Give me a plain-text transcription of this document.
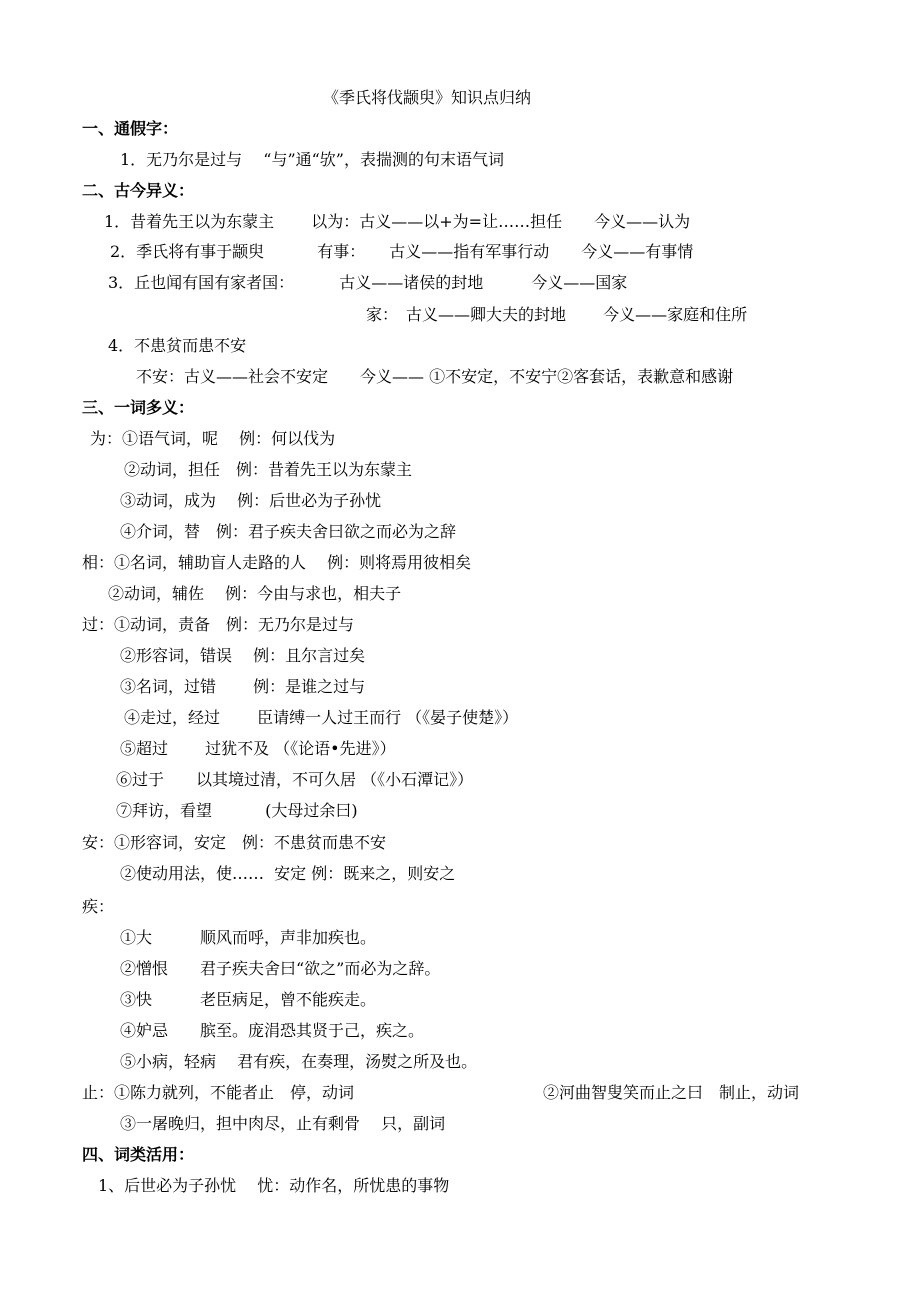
《季氏将伐颛臾》知识点归纳
一、通假字：
1．无乃尔是过与　 “与”通“欤”，表揣测的句末语气词
二、古今异义：
1．昔着先王以为东蒙主　　 以为：古义——以+为=让……担任　　今义——认为
2．季氏将有事于颛臾　　　 有事：　　古义——指有军事行动　　今义——有事情
3．丘也闻有国有家者国：　　　 古义——诸侯的封地　　　今义——国家
家：　古义——卿大夫的封地　　 今义——家庭和住所
4．不患贫而患不安
不安：古义——社会不安定　　今义—— ①不安定，不安宁②客套话，表歉意和感谢
三、一词多义：
为：①语气词，呢　 例：何以伐为
②动词，担任　例：昔着先王以为东蒙主
③动词，成为　 例：后世必为子孙忧
④介词，替　例：君子疾夫舍曰欲之而必为之辞
相：①名词，辅助盲人走路的人　 例：则将焉用彼相矣
②动词，辅佐　 例：今由与求也，相夫子
过：①动词，责备　例：无乃尔是过与
②形容词，错误　 例：且尔言过矣
③名词，过错　　 例：是谁之过与
④走过，经过　　 臣请缚一人过王而行 （《晏子使楚》）
⑤超过　　 过犹不及 （《论语•先进》）
⑥过于　　以其境过清，不可久居 （《小石潭记》）
⑦拜访，看望　　　 (大母过余曰)
安：①形容词，安定　例：不患贫而患不安
②使动用法，使……  安定 例：既来之，则安之
疾：
①大　　　顺风而呼，声非加疾也。
②憎恨　　君子疾夫舍曰“欲之”而必为之辞。
③快　　　老臣病足，曾不能疾走。
④妒忌　　膑至。庞涓恐其贤于己，疾之。
⑤小病，轻病　 君有疾，在奏理，汤熨之所及也。
止：①陈力就列，不能者止　停，动词	②河曲智叟笑而止之曰　制止，动词
③一屠晚归，担中肉尽，止有剩骨　 只，副词
四、词类活用：
1、后世必为子孙忧　 忧：动作名，所忧患的事物
